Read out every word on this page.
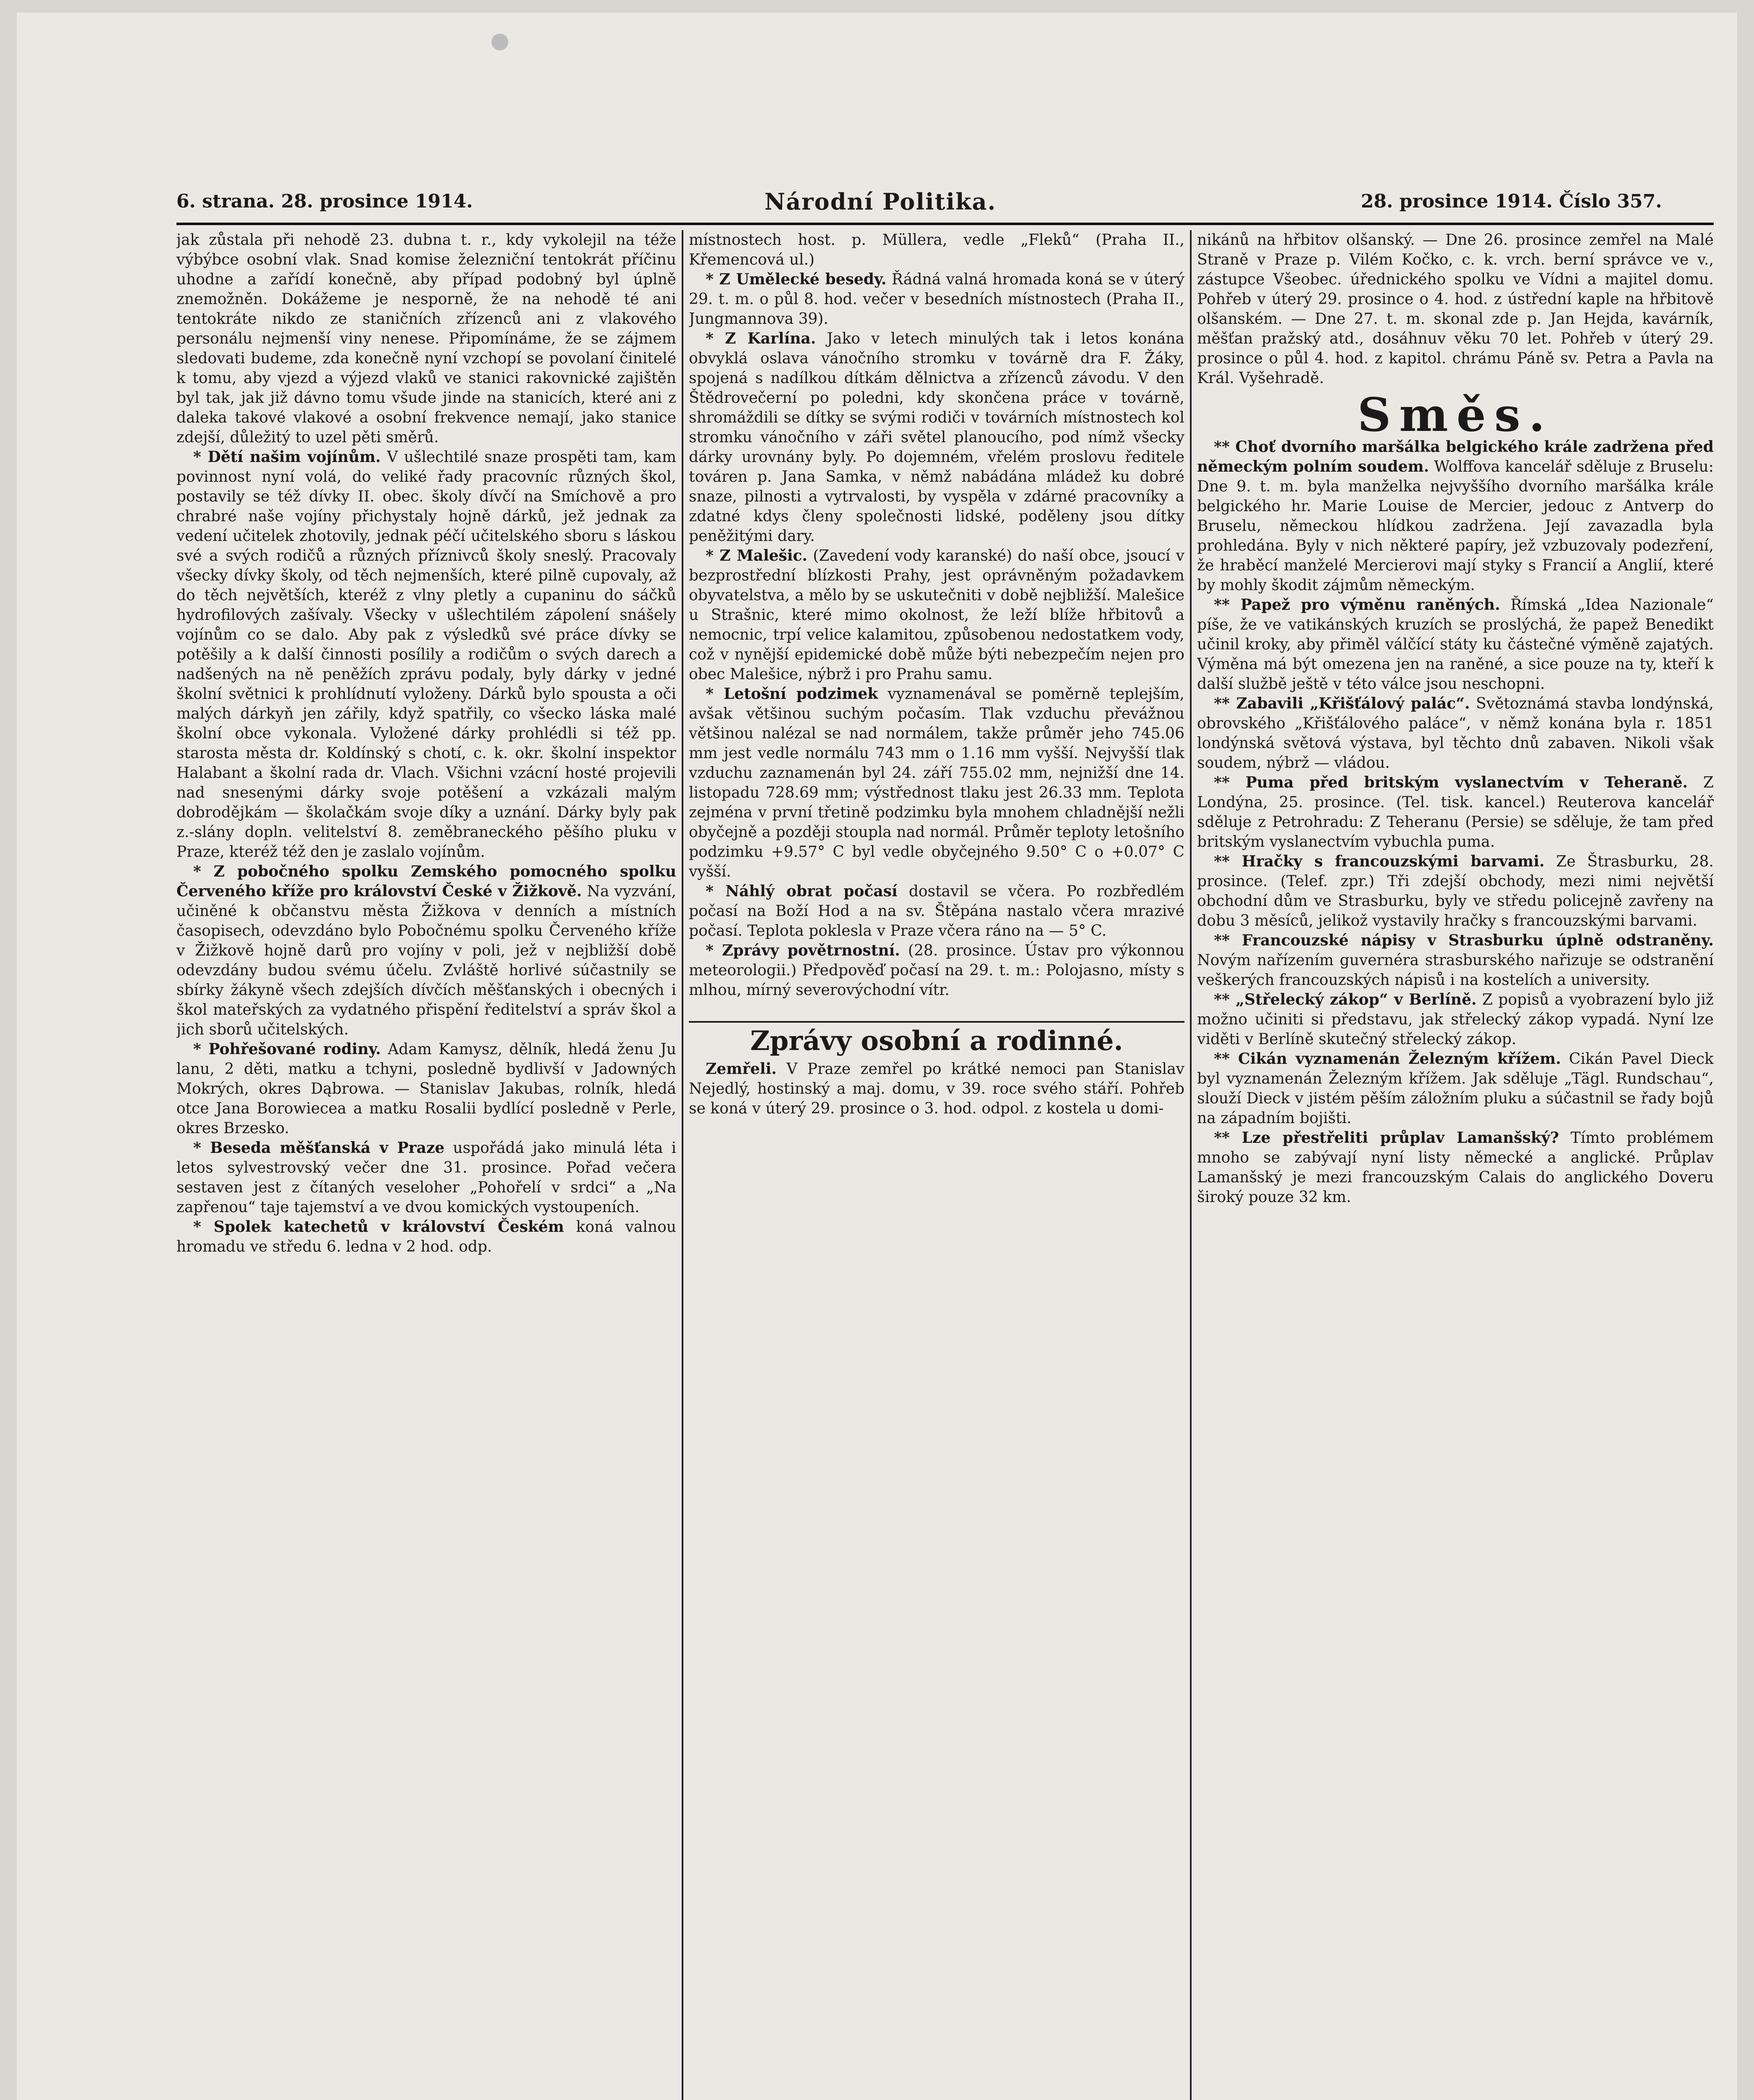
6. strana. 28. prosince 1914.	Národní Politika.	28. prosince 1914. Číslo 357.

jak zůstala při nehodě 23. dubna t. r., kdy vykolejil na téže výbýbce osobní vlak. Snad komise železniční tentokrát příčinu uhodne a zařídí konečně, aby případ podobný byl úplně znemožněn. Dokážeme je nesporně, že na nehodě té ani tentokráte nikdo ze staničních zřízenců ani z vlakového personálu nejmenší viny nenese. Připomínáme, že se zájmem sledovati budeme, zda konečně nyní vzchopí se povolaní činitelé k tomu, aby vjezd a výjezd vlaků ve stanici rakovnické zajištěn byl tak, jak již dávno tomu všude jinde na stanicích, které ani z daleka takové vlakové a osobní frekvence nemají, jako stanice zdejší, důležitý to uzel pěti směrů.

* Dětí našim vojínům. V ušlechtilé snaze prospěti tam, kam povinnost nyní volá, do veliké řady pracovníc různých škol, postavily se též dívky II. obec. školy dívčí na Smíchově a pro chrabré naše vojíny přichystaly hojně dárků, jež jednak za vedení učitelek zhotovily, jednak péčí učitelského sboru s láskou své a svých rodičů a různých příznivců školy sneslý. Pracovaly všecky dívky školy, od těch nejmenších, které pilně cupovaly, až do těch největších, kteréž z vlny pletly a cupaninu do sáčků hydrofilových zašívaly. Všecky v ušlechtilém zápolení snášely vojínům co se dalo. Aby pak z výsledků své práce dívky se potěšily a k další činnosti posílily a rodičům o svých darech a nadšených na ně peněžích zprávu podaly, byly dárky v jedné školní světnici k prohlídnutí vyloženy. Dárků bylo spousta a oči malých dárkyň jen zářily, když spatřily, co všecko láska malé školní obce vykonala. Vyložené dárky prohlédli si též pp. starosta města dr. Koldínský s chotí, c. k. okr. školní inspektor Halabant a školní rada dr. Vlach. Všichni vzácní hosté projevili nad snesenými dárky svoje potěšení a vzkázali malým dobrodějkám — školačkám svoje díky a uznání. Dárky byly pak z.-slány dopln. velitelství 8. zeměbraneckého pěšího pluku v Praze, kteréž též den je zaslalo vojínům.

* Z pobočného spolku Zemského pomocného spolku Červeného kříže pro království České v Žižkově. Na vyzvání, učiněné k občanstvu města Žižkova v denních a místních časopisech, odevzdáno bylo Pobočnému spolku Červeného kříže v Žižkově hojně darů pro vojíny v poli, jež v nejbližší době odevzdány budou svému účelu. Zvláště horlivé súčastnily se sbírky žákyně všech zdejších dívčích měšťanských i obecných i škol mateřských za vydatného přispění ředitelství a správ škol a jich sborů učitelských.

* Pohřešované rodiny. Adam Kamysz, dělník, hledá ženu Ju lanu, 2 děti, matku a tchyni, posledně bydlivší v Jadowných Mokrých, okres Dąbrowa. — Stanislav Jakubas, rolník, hledá otce Jana Borowiecea a matku Rosalii bydlící posledně v Perle, okres Brzesko.

* Beseda měšťanská v Praze uspořádá jako minulá léta i letos sylvestrovský večer dne 31. prosince. Pořad večera sestaven jest z čítaných veseloher „Pohořelí v srdci“ a „Na zapřenou“ taje tajemství a ve dvou komických vystoupeních.

* Spolek katechetů v království Českém koná valnou hromadu ve středu 6. ledna v 2 hod. odp.

místnostech host. p. Müllera, vedle „Fleků“ (Praha II., Křemencová ul.)

* Z Umělecké besedy. Řádná valná hromada koná se v úterý 29. t. m. o půl 8. hod. večer v besedních místnostech (Praha II., Jungmannova 39).

* Z Karlína. Jako v letech minulých tak i letos konána obvyklá oslava vánočního stromku v továrně dra F. Žáky, spojená s nadílkou dítkám dělnictva a zřízenců závodu. V den Štědrovečerní po poledni, kdy skončena práce v továrně, shromáždili se dítky se svými rodiči v továrních místnostech kol stromku vánočního v záři světel planoucího, pod nímž všecky dárky urovnány byly. Po dojemném, vřelém proslovu ředitele továren p. Jana Samka, v němž nabádána mládež ku dobré snaze, pilnosti a vytrvalosti, by vyspěla v zdárné pracovníky a zdatné kdys členy společnosti lidské, poděleny jsou dítky peněžitými dary.

* Z Malešic. (Zavedení vody karanské) do naší obce, jsoucí v bezprostřední blízkosti Prahy, jest oprávněným požadavkem obyvatelstva, a mělo by se uskutečniti v době nejbližší. Malešice u Strašnic, které mimo okolnost, že leží blíže hřbitovů a nemocnic, trpí velice kalamitou, způsobenou nedostatkem vody, což v nynější epidemické době může býti nebezpečím nejen pro obec Malešice, nýbrž i pro Prahu samu.

* Letošní podzimek vyznamenával se poměrně teplejším, avšak většinou suchým počasím. Tlak vzduchu převážnou většinou nalézal se nad normálem, takže průměr jeho 745.06 mm jest vedle normálu 743 mm o 1.16 mm vyšší. Nejvyšší tlak vzduchu zaznamenán byl 24. září 755.02 mm, nejnižší dne 14. listopadu 728.69 mm; výstřednost tlaku jest 26.33 mm. Teplota zejména v první třetině podzimku byla mnohem chladnější nežli obyčejně a později stoupla nad normál. Průměr teploty letošního podzimku +9.57° C byl vedle obyčejného 9.50° C o +0.07° C vyšší.

* Náhlý obrat počasí dostavil se včera. Po rozbředlém počasí na Boží Hod a na sv. Štěpána nastalo včera mrazivé počasí. Teplota poklesla v Praze včera ráno na — 5° C.

* Zprávy povětrnostní. (28. prosince. Ústav pro výkonnou meteorologii.) Předpověď počasí na 29. t. m.: Polojasno, místy s mlhou, mírný severovýchodní vítr.

Zprávy osobní a rodinné.

Zemřeli. V Praze zemřel po krátké nemoci pan Stanislav Nejedlý, hostinský a maj. domu, v 39. roce svého stáří. Pohřeb se koná v úterý 29. prosince o 3. hod. odpol. z kostela u domi-

nikánů na hřbitov olšanský. — Dne 26. prosince zemřel na Malé Straně v Praze p. Vilém Kočko, c. k. vrch. berní správce ve v., zástupce Všeobec. úřednického spolku ve Vídni a majitel domu. Pohřeb v úterý 29. prosince o 4. hod. z ústřední kaple na hřbitově olšanském. — Dne 27. t. m. skonal zde p. Jan Hejda, kavárník, měšťan pražský atd., dosáhnuv věku 70 let. Pohřeb v úterý 29. prosince o půl 4. hod. z kapitol. chrámu Páně sv. Petra a Pavla na Král. Vyšehradě.

Směs.

** Choť dvorního maršálka belgického krále zadržena před německým polním soudem. Wolffova kancelář sděluje z Bruselu: Dne 9. t. m. byla manželka nejvyššího dvorního maršálka krále belgického hr. Marie Louise de Mercier, jedouc z Antverp do Bruselu, německou hlídkou zadržena. Její zavazadla byla prohledána. Byly v nich některé papíry, jež vzbuzovaly podezření, že hraběcí manželé Mercierovi mají styky s Francií a Anglií, které by mohly škodit zájmům německým.

** Papež pro výměnu raněných. Římská „Idea Nazionale“ píše, že ve vatikánských kruzích se proslýchá, že papež Benedikt učinil kroky, aby přiměl válčící státy ku částečné výměně zajatých. Výměna má být omezena jen na raněné, a sice pouze na ty, kteří k další službě ještě v této válce jsou neschopni.

** Zabavili „Křišťálový palác“. Světoznámá stavba londýnská, obrovského „Křišťálového paláce“, v němž konána byla r. 1851 londýnská světová výstava, byl těchto dnů zabaven. Nikoli však soudem, nýbrž — vládou.

** Puma před britským vyslanectvím v Teheraně. Z Londýna, 25. prosince. (Tel. tisk. kancel.) Reuterova kancelář sděluje z Petrohradu: Z Teheranu (Persie) se sděluje, že tam před britským vyslanectvím vybuchla puma.

** Hračky s francouzskými barvami. Ze Štrasburku, 28. prosince. (Telef. zpr.) Tři zdejší obchody, mezi nimi největší obchodní dům ve Strasburku, byly ve středu policejně zavřeny na dobu 3 měsíců, jelikož vystavily hračky s francouzskými barvami.

** Francouzské nápisy v Strasburku úplně odstraněny. Novým nařízením guvernéra strasburského nařizuje se odstranění veškerých francouzských nápisů i na kostelích a university.

** „Střelecký zákop“ v Berlíně. Z popisů a vyobrazení bylo již možno učiniti si představu, jak střelecký zákop vypadá. Nyní lze viděti v Berlíně skutečný střelecký zákop.

** Cikán vyznamenán Železným křížem. Cikán Pavel Dieck byl vyznamenán Železným křížem. Jak sděluje „Tägl. Rundschau“, slouží Dieck v jistém pěším záložním pluku a súčastnil se řady bojů na západním bojišti.

** Lze přestřeliti průplav Lamanšský? Tímto problémem mnoho se zabývají nyní listy německé a anglické. Průplav Lamanšský je mezi francouzským Calais do anglického Doveru široký pouze 32 km.
